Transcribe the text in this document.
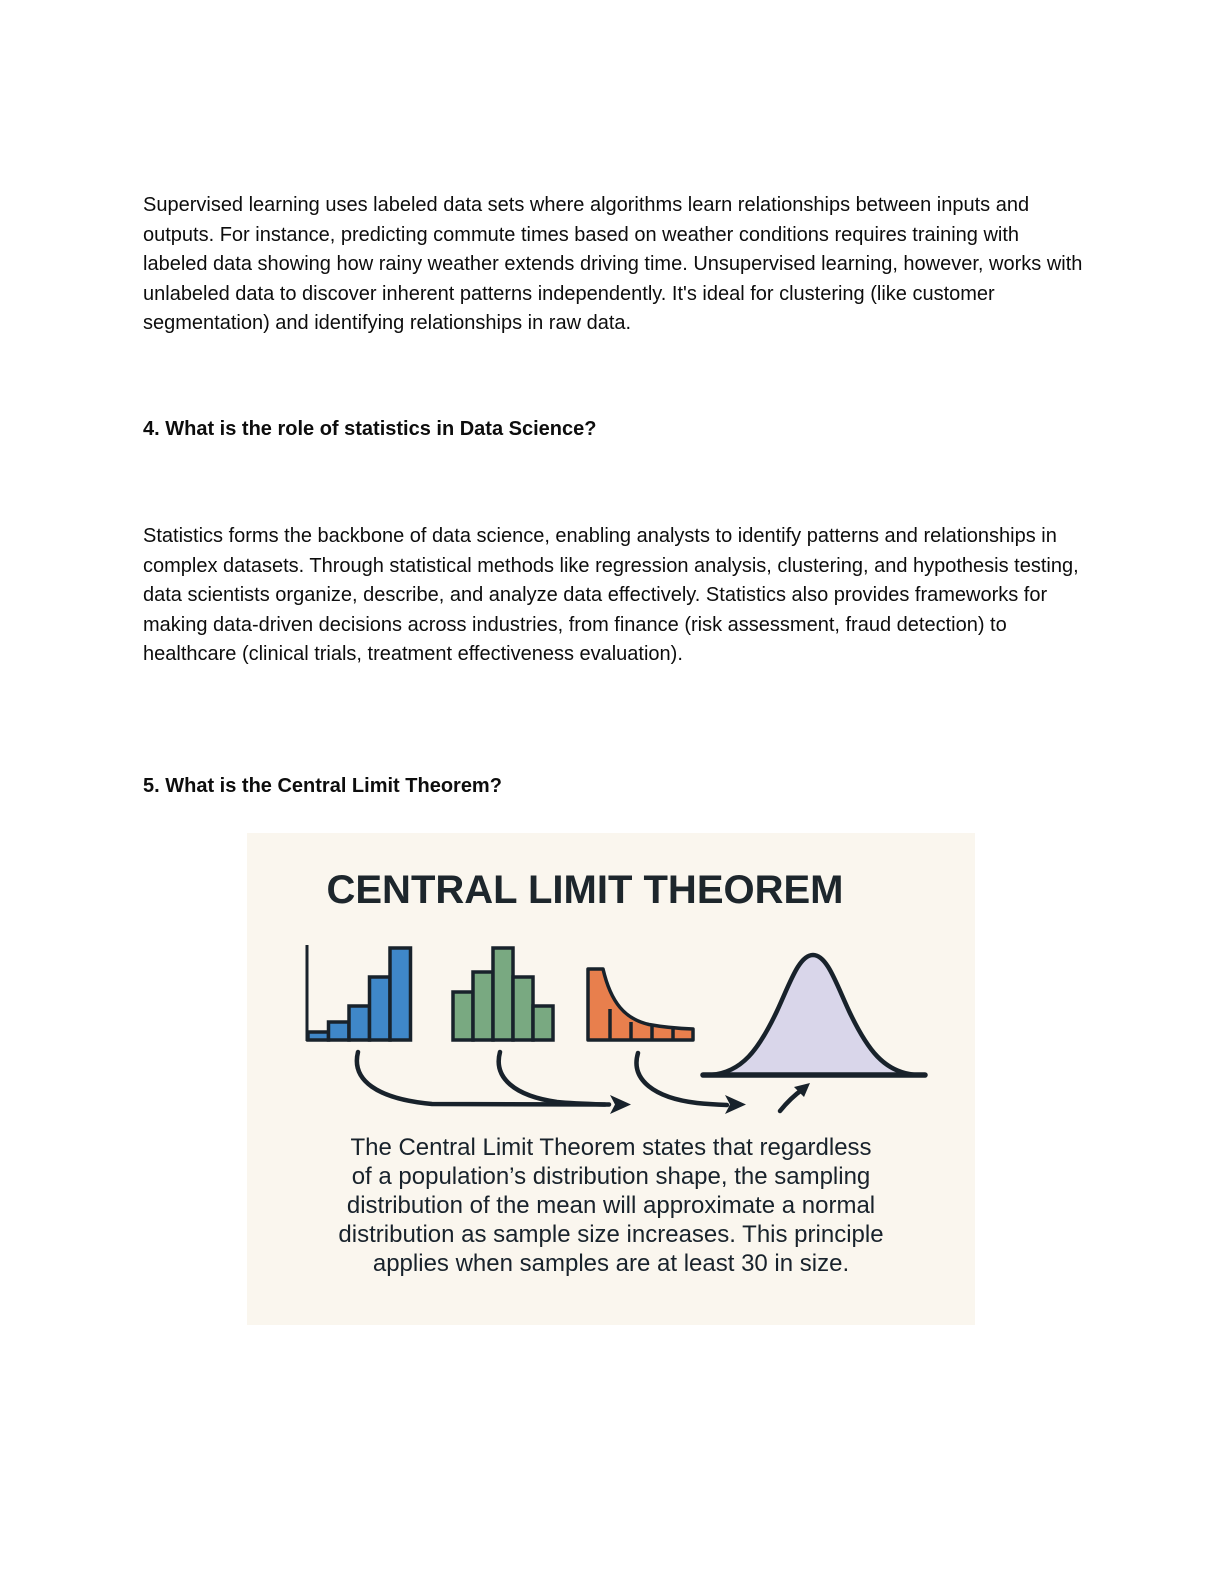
Supervised learning uses labeled data sets where algorithms learn relationships between inputs and outputs. For instance, predicting commute times based on weather conditions requires training with labeled data showing how rainy weather extends driving time. Unsupervised learning, however, works with unlabeled data to discover inherent patterns independently. It's ideal for clustering (like customer segmentation) and identifying relationships in raw data.

4. What is the role of statistics in Data Science?

Statistics forms the backbone of data science, enabling analysts to identify patterns and relationships in complex datasets. Through statistical methods like regression analysis, clustering, and hypothesis testing, data scientists organize, describe, and analyze data effectively. Statistics also provides frameworks for making data-driven decisions across industries, from finance (risk assessment, fraud detection) to healthcare (clinical trials, treatment effectiveness evaluation).

5. What is the Central Limit Theorem?
CENTRAL LIMIT THEOREM
The Central Limit Theorem states that regardless
of a population’s distribution shape, the sampling
distribution of the mean will approximate a normal
distribution as sample size increases. This principle
applies when samples are at least 30 in size.
